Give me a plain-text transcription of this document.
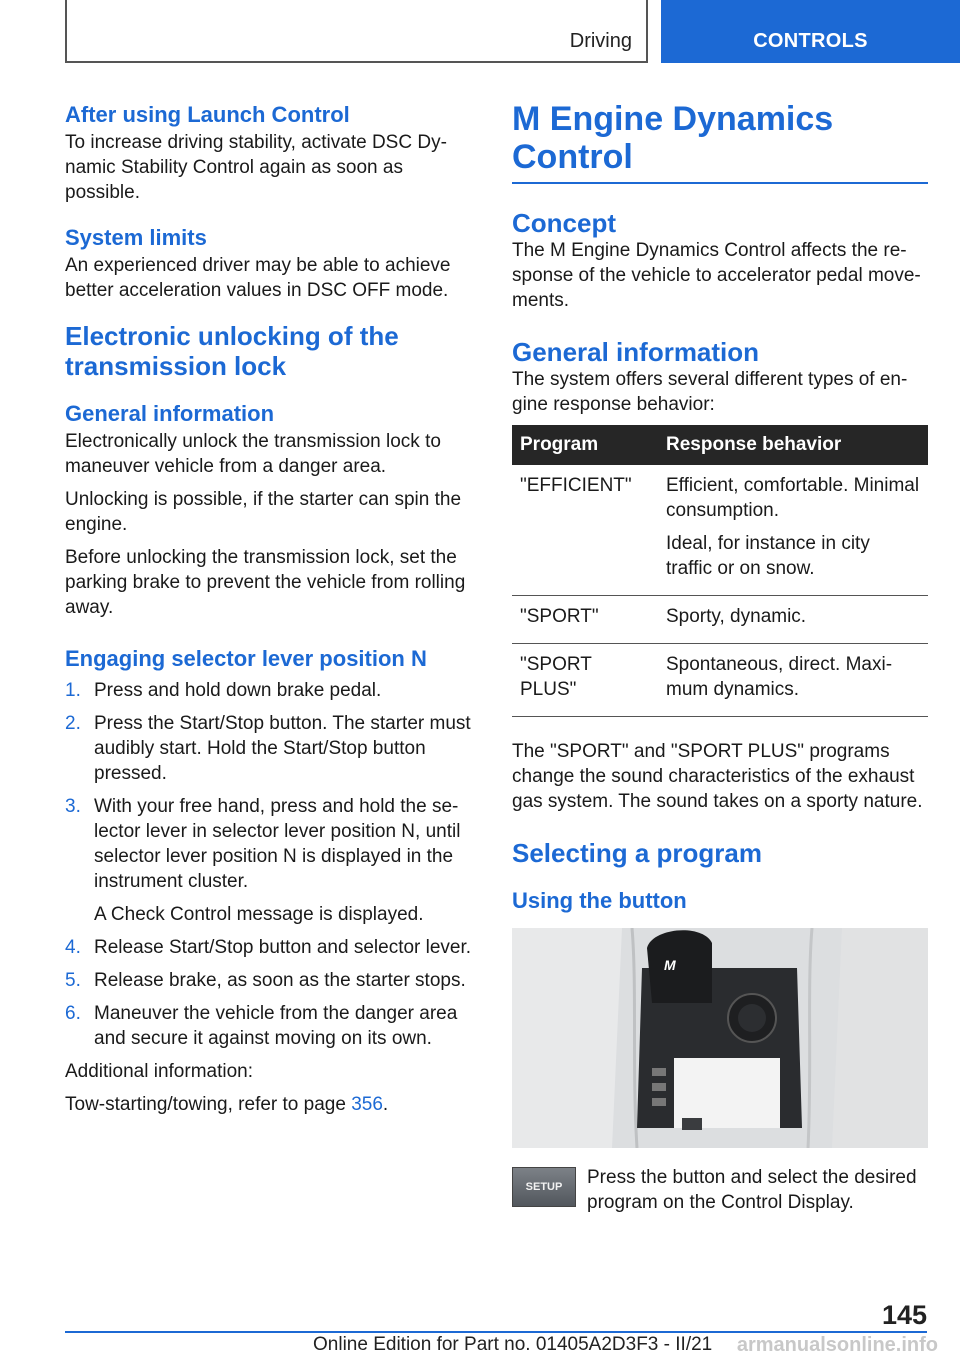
Driving	CONTROLS
After using Launch Control

To increase driving stability, activate DSC Dynamic Stability Control again as soon as possible.

System limits

An experienced driver may be able to achieve better acceleration values in DSC OFF mode.

Electronic unlocking of the transmission lock
General information

Electronically unlock the transmission lock to maneuver vehicle from a danger area.

Unlocking is possible, if the starter can spin the engine.

Before unlocking the transmission lock, set the parking brake to prevent the vehicle from rolling away.

Engaging selector lever position N
1. Press and hold down brake pedal.
2. Press the Start/Stop button. The starter must audibly start. Hold the Start/Stop button pressed.
3. With your free hand, press and hold the selector lever in selector lever position N, until selector lever position N is displayed in the instrument cluster.
A Check Control message is displayed.
4. Release Start/Stop button and selector lever.
5. Release brake, as soon as the starter stops.
6. Maneuver the vehicle from the danger area and secure it against moving on its own.

Additional information:

Tow-starting/towing, refer to page 356.

M Engine Dynamics Control
Concept

The M Engine Dynamics Control affects the response of the vehicle to accelerator pedal movements.

General information

The system offers several different types of engine response behavior:

Program	Response behavior
"EFFICIENT"	Efficient, comfortable. Minimal consumption.

Ideal, for instance in city traffic or on snow.

"SPORT"	Sporty, dynamic.
"SPORT PLUS"	Spontaneous, direct. Maximum dynamics.

The "SPORT" and "SPORT PLUS" programs change the sound characteristics of the exhaust gas system. The sound takes on a sporty nature.

Selecting a program
Using the button
M
SETUP	Press the button and select the desired program on the Control Display.
145
Online Edition for Part no. 01405A2D3F3 - II/21 armanualsonline.info
